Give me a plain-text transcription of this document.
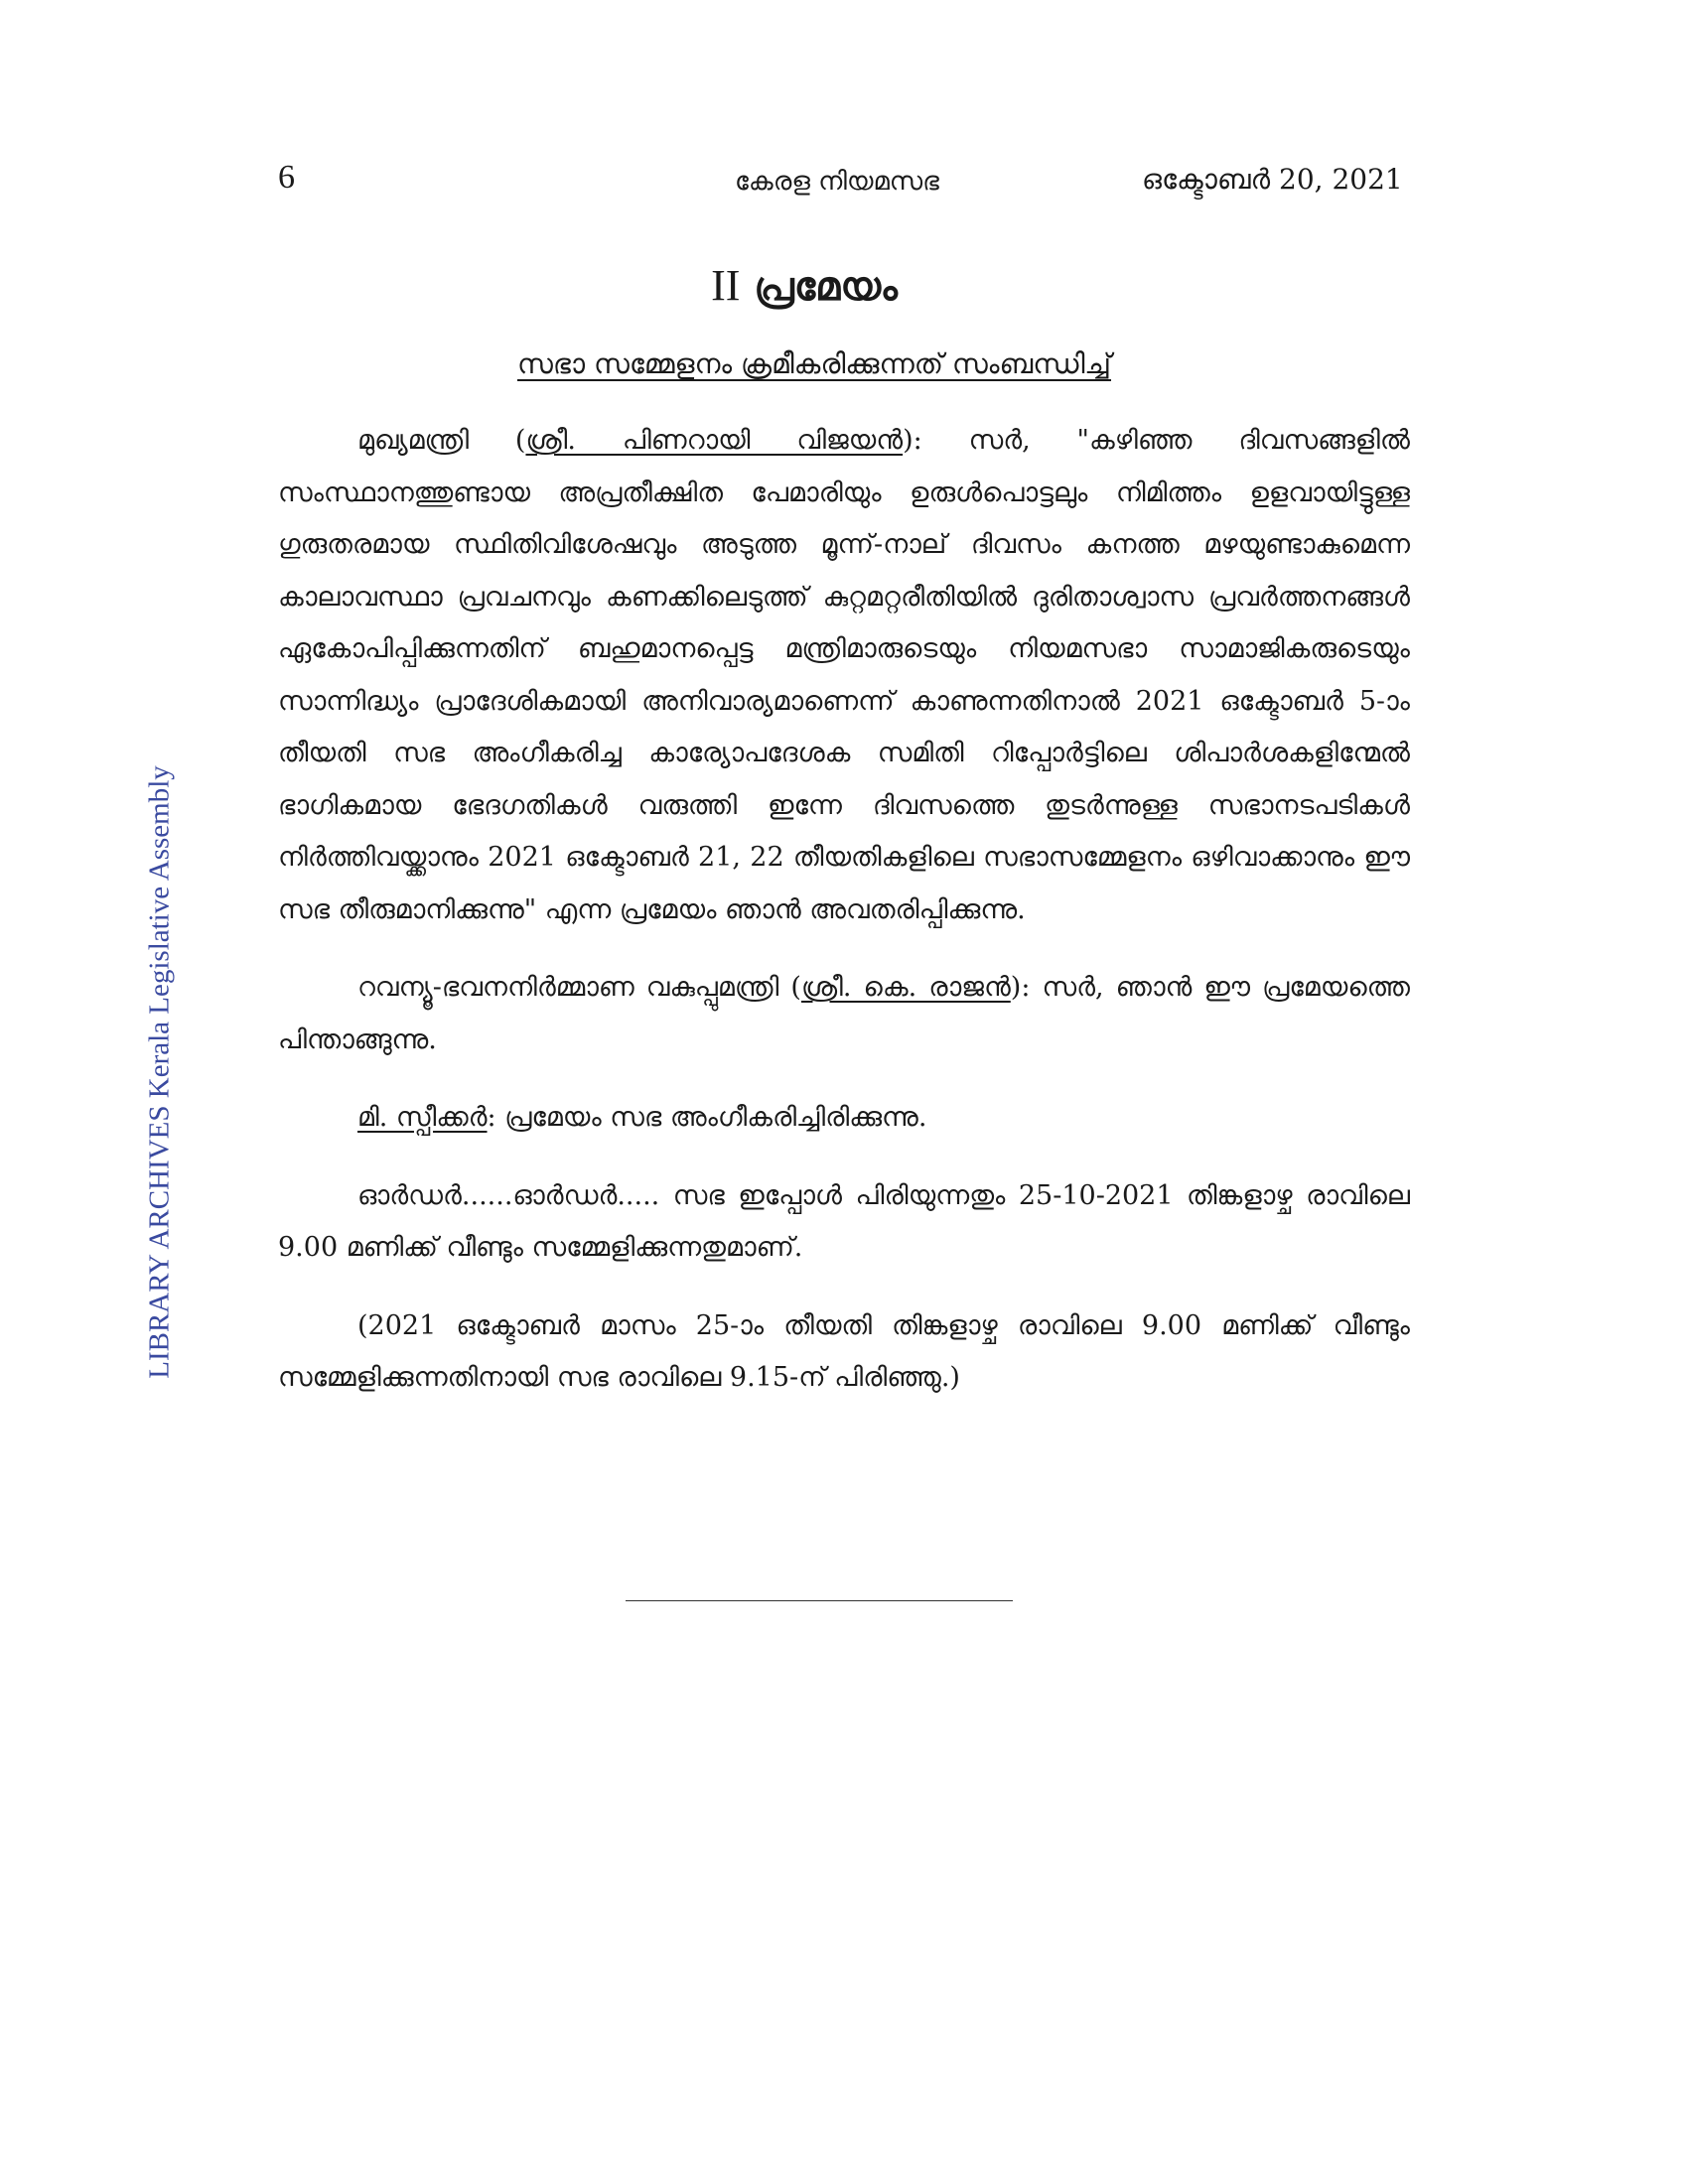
6	കേരള നിയമസഭ	ഒക്ടോബർ 20, 2021
II പ്രമേയം
സഭാ സമ്മേളനം ക്രമീകരിക്കുന്നത് സംബന്ധിച്ച്

മുഖ്യമന്ത്രി (ശ്രീ. പിണറായി വിജയൻ): സർ, "കഴിഞ്ഞ ദിവസങ്ങളിൽ സംസ്ഥാനത്തുണ്ടായ അപ്രതീക്ഷിത പേമാരിയും ഉരുൾപൊട്ടലും നിമിത്തം ഉളവായിട്ടുള്ള ഗുരുതരമായ സ്ഥിതിവിശേഷവും അടുത്ത മൂന്ന്-നാല് ദിവസം കനത്ത മഴയുണ്ടാകുമെന്ന കാലാവസ്ഥാ പ്രവചനവും കണക്കിലെടുത്ത് കുറ്റമറ്റരീതിയിൽ ദുരിതാശ്വാസ പ്രവർത്തനങ്ങൾ ഏകോപിപ്പിക്കുന്നതിന് ബഹുമാനപ്പെട്ട മന്ത്രിമാരുടെയും നിയമസഭാ സാമാജികരുടെയും സാന്നിദ്ധ്യം പ്രാദേശികമായി അനിവാര്യമാണെന്ന് കാണുന്നതിനാൽ 2021 ഒക്ടോബർ 5-ാം തീയതി സഭ അംഗീകരിച്ച കാര്യോപദേശക സമിതി റിപ്പോർട്ടിലെ ശിപാർശകളിന്മേൽ ഭാഗികമായ ഭേദഗതികൾ വരുത്തി ഇന്നേ ദിവസത്തെ തുടർന്നുള്ള സഭാനടപടികൾ നിർത്തിവയ്ക്കാനും 2021 ഒക്ടോബർ 21, 22 തീയതികളിലെ സഭാസമ്മേളനം ഒഴിവാക്കാനും ഈ സഭ തീരുമാനിക്കുന്നു" എന്ന പ്രമേയം ഞാൻ അവതരിപ്പിക്കുന്നു.

റവന്യൂ-ഭവനനിർമ്മാണ വകുപ്പുമന്ത്രി (ശ്രീ. കെ. രാജൻ): സർ, ഞാൻ ഈ പ്രമേയത്തെ പിന്താങ്ങുന്നു.

മി. സ്പീക്കർ: പ്രമേയം സഭ അംഗീകരിച്ചിരിക്കുന്നു.

ഓർഡർ......ഓർഡർ..... സഭ ഇപ്പോൾ പിരിയുന്നതും 25-10-2021 തിങ്കളാഴ്ച രാവിലെ 9.00 മണിക്ക് വീണ്ടും സമ്മേളിക്കുന്നതുമാണ്.

(2021 ഒക്ടോബർ മാസം 25-ാം തീയതി തിങ്കളാഴ്ച രാവിലെ 9.00 മണിക്ക് വീണ്ടും സമ്മേളിക്കുന്നതിനായി സഭ രാവിലെ 9.15-ന് പിരിഞ്ഞു.)

LIBRARY ARCHIVES Kerala Legislative Assembly
